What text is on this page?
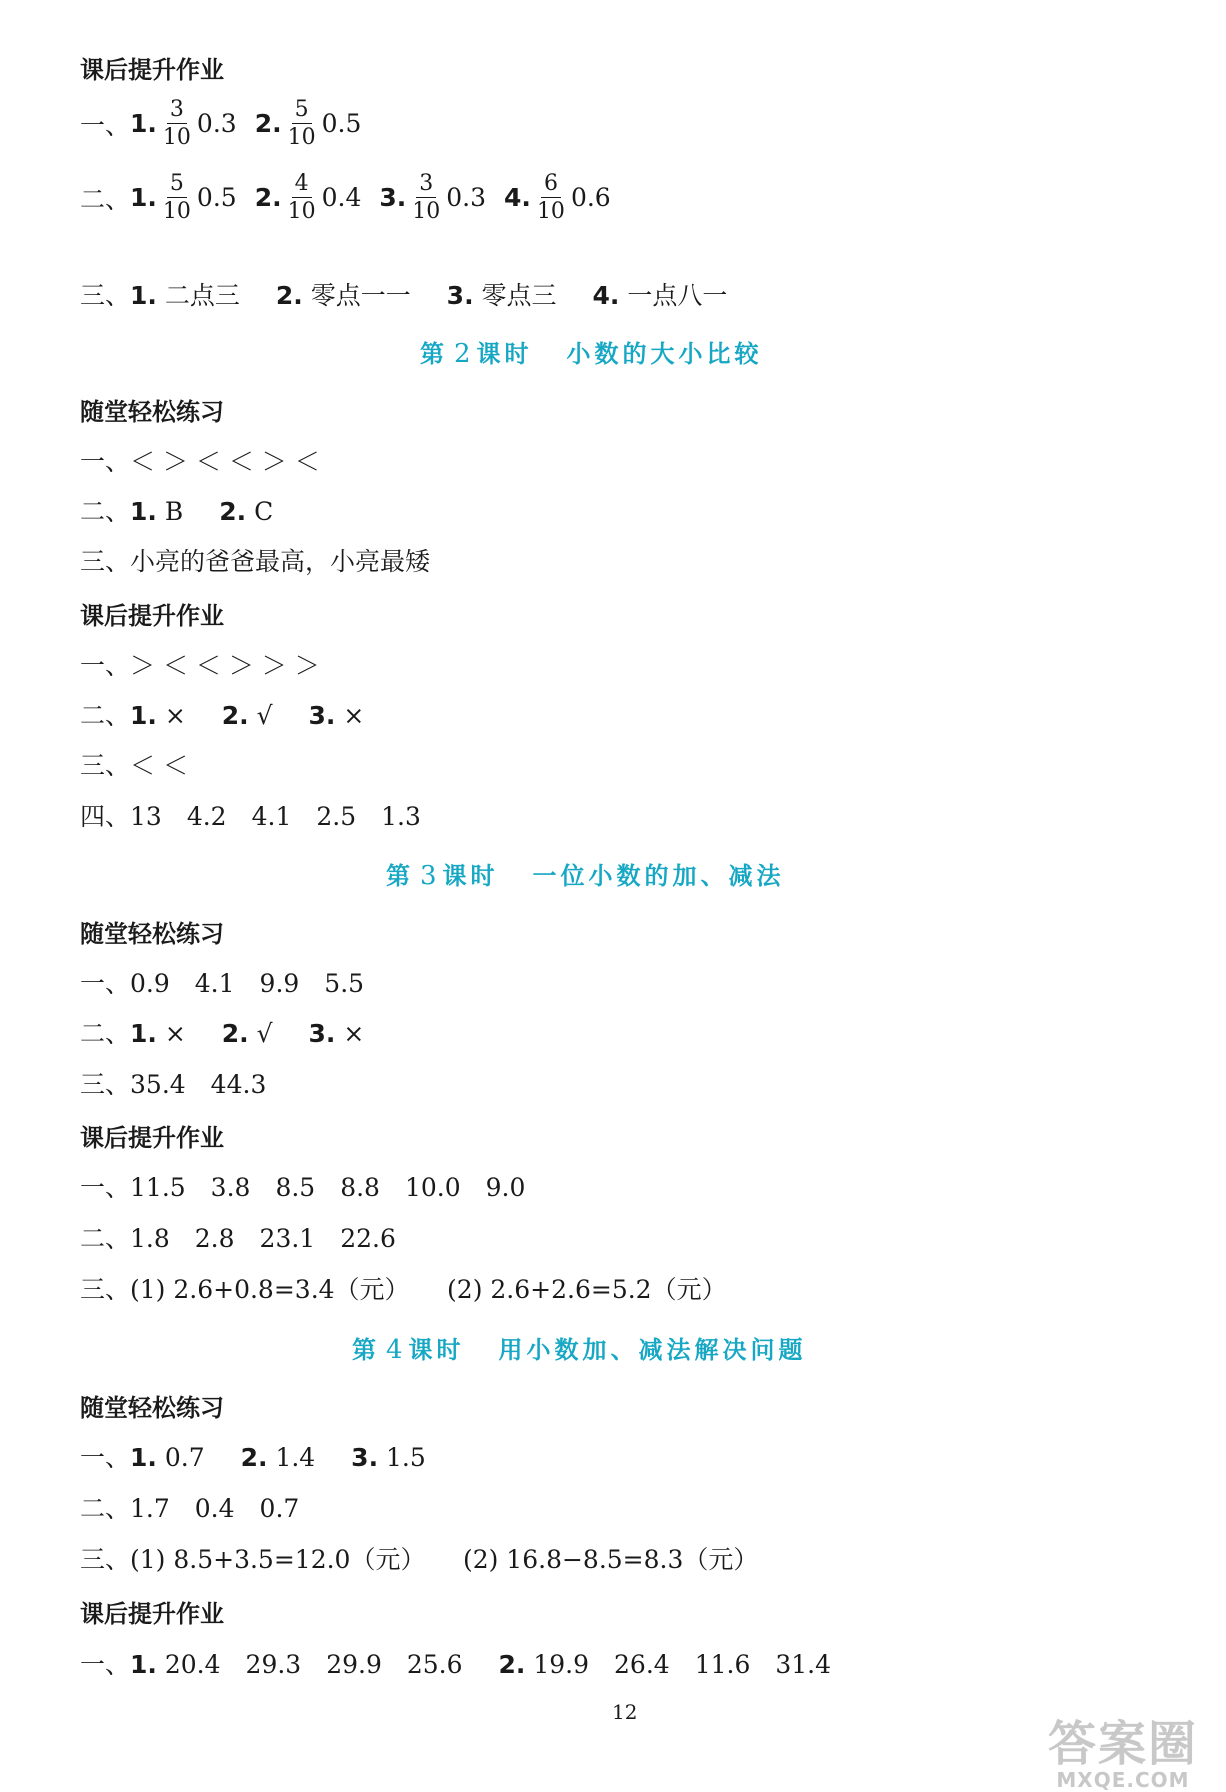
课后提升作业
一、 1. $\frac{3}{10} 0.3$ 2. $\frac{5}{10} 0.5$
二、 1. $\frac{5}{10} 0.5$ 2. $\frac{4}{10} 0.4$ 3. $\frac{3}{10} 0.3$ 4. $\frac{6}{10} 0.6$
三、1. 二点三 2. 零点一一 3. 零点三 4. 一点八一
第 2 课时 小数的大小比较
随堂轻松练习
一、＜ ＞ ＜ ＜ ＞ ＜
二、1. B 2. C
三、小亮的爸爸最高，小亮最矮
课后提升作业
一、＞ ＜ ＜ ＞ ＞ ＞
二、1. × 2. √ 3. ×
三、＜ ＜
四、13　4.2　4.1　2.5　1.3
第 3 课时 一位小数的加、减法
随堂轻松练习
一、0.9　4.1　9.9　5.5
二、1. × 2. √ 3. ×
三、35.4　44.3
课后提升作业
一、11.5　3.8　8.5　8.8　10.0　9.0
二、1.8　2.8　23.1　22.6
三、(1) 2.6+0.8=3.4（元）　　(2) 2.6+2.6=5.2（元）
第 4 课时 用小数加、减法解决问题
随堂轻松练习
一、1. 0.7 2. 1.4 3. 1.5
二、1.7　0.4　0.7
三、(1) 8.5+3.5=12.0（元）　　(2) 16.8−8.5=8.3（元）
课后提升作业
一、1. 20.4　29.3　29.9　25.6 2. 19.9　26.4　11.6　31.4
12
答案圈
MXQE.COM
